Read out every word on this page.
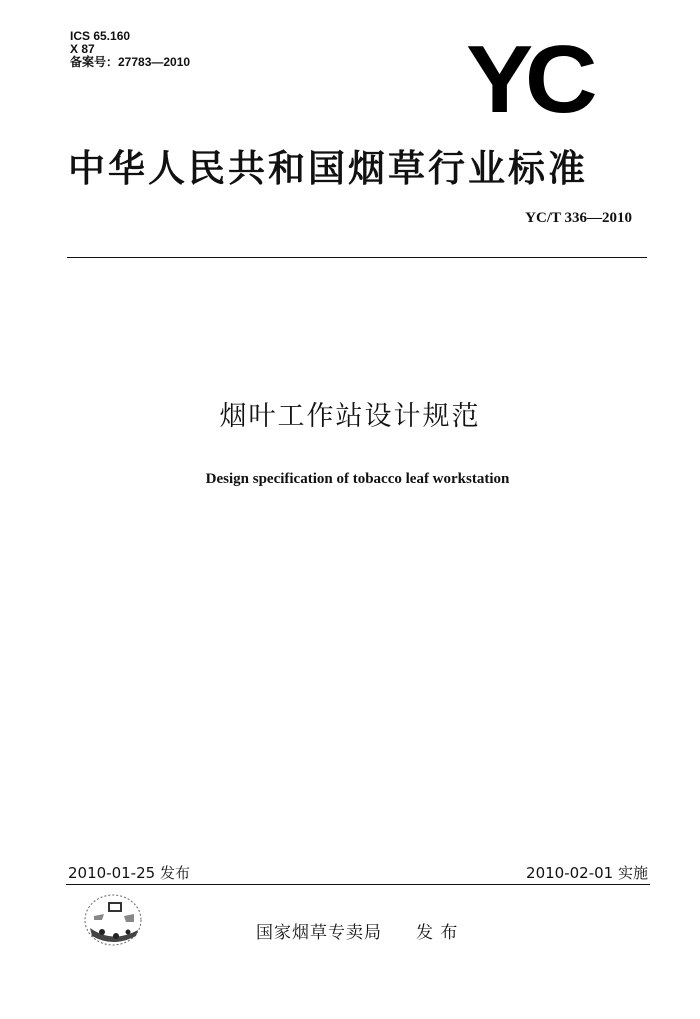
ICS 65.160
X 87
备案号：27783—2010	YC
中华人民共和国烟草行业标准
YC/T 336—2010
烟叶工作站设计规范
Design specification of tobacco leaf workstation
2010-01-25 发布	2010-02-01 实施
国家烟草专卖局 发 布
